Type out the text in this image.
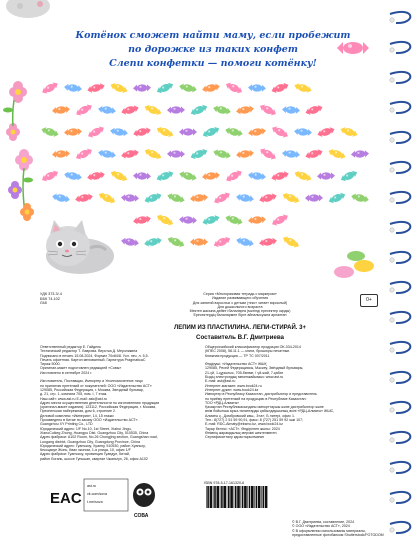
Котёнок сможет найти маму, если пробежит
по дорожке из таких конфет
Слепи конфетки — помоги котёнку!
УДК 373.3/.4
ББК 74.102
Л48
Серия «Многоразовая тетрадь с маркером»
Издание развивающего обучения
Для занятий взрослых с детьми (текст читает взрослый)
Для дошкольного возраста
Мектеп жасына дейінгі балаларға (мәтінді ересектер оқиды)
Ересектердің балалармен бірге айналысуына арналған
0+
ЛЕПИМ ИЗ ПЛАСТИЛИНА. ЛЕПИ-СТИРАЙ. 3+
Составитель В.Г. Дмитриева
Ответственный редактор Е. Гайдель
Технический редактор Т. Лаврова. Верстка Д. Мерзликина
Подписано в печать 15.08.2024. Формат 70x84/8. Усл. печ. л. 5,5.
Печать офсетная. Картон мелованный. Гарнитура PragmaticaC
Тираж 5000.
Оригинал-макет подготовлен редакцией «Совы»
Изготовлено в сентябре 2024 г.

Изготовитель, Поставщик, Импортер и Уполномоченное лицо
по принятию претензий от покупателей: ООО «Издательство АСТ»
129085, Российская Федерация, г. Москва, Звездный бульвар,
д. 21, стр. 1, комната 705, пом. I, 7 этаж.
Наш сайт: www.ast.ru E-mail: ask@ast.ru
Адрес места осуществления деятельности по изготовлению продукции
(оригинал-макет издания): 123112, Российская Федерация, г. Москва,
Пресненская набережная, дом 6, строение 2.
Деловой комплекс «Империя», 14, 15 этажи
Произведено в Китае по заказу ООО «Издательство АСТ».
Guangzhou XY Printing Co., LTD
Юридический адрес: 1/F No.10, 1st Street, Xiahui Jingu,
XianoCuikeg Zhong, Huangpu Dist. Guangzhou City, 510535, China
Адрес фабрики: A102 Room, No.26 Chongjing section, Guangshan road,
Luogang district, Guangzhou City, Guangdong Province, China
Юридический адрес: Гуанчжоу, Хуанпу, 510530, район Хуаньху,
Кекоцзиуе Жонь, Квах эконом, 1-я улица, 10, офис 1/F
Адрес фабрики: Гуанчжоу, провинция Гуандун, Китай,
район Логань, шоссе Гуньшан, квартал Чжаньгуэ, 26, офис A102
Общероссийский классификатор продукции ОК-034-2014
(КПЕС 2008), 58.11.1 — книги, брошюры печатные.
Книжная продукция — ТР ТС 007/2011

Өндіруші: «Издательство АСТ» ЖШҚ
129085, Ресей Федерациясы, Мәскеу, Звёздный бульвары,
21-үй, 1-құрылыс, 705-бөлме, I үй-жай, 7-қабат
Біздің электрондық мекенжайымыз: www.ast.ru
E-mail: ask@ast.ru
Интернет-магазин: www.book24.ru
Интернет-дүкен: www.book24.kz
Импортер в Республику Казахстан, дистрибьютор и представитель
по приёму претензий на продукцию в Республике Казахстан:
ТОО «РДЦ-Алматы»
Қазақстан Республикасындағы импорттаушы және дистрибьютор және
өнім бойынша арыз-талаптарды қабылдаушының өкілі «РДЦ-Алматы» ЖШС,
Алматы қ., Домбровский көш., 3«а», Б литері, офис 1.
Тел.: 8(727) 2 51 59 90,91, факс: 8 (727) 251 59 92 ішкі 107;
E-mail: RDC-Almaty@eksmo.kz, www.book24.kz
Тауар белгісі: «АСТ». Өндірілген жылы: 2024
Өнімнің жарамдылық мерзімі шектелмеген.
Сертификатталу қарастырылмаған
EAC
ast.ru
vk.com/sova
t.me/sova
СОВА
ISBN 978-5-17-161320-6
© В.Г. Дмитриева, составление, 2024
© ООО «Издательство АСТ», 2024
© В оформлении использованы материалы,
предоставленные фотобанком Shutterstock/FOTODOM
